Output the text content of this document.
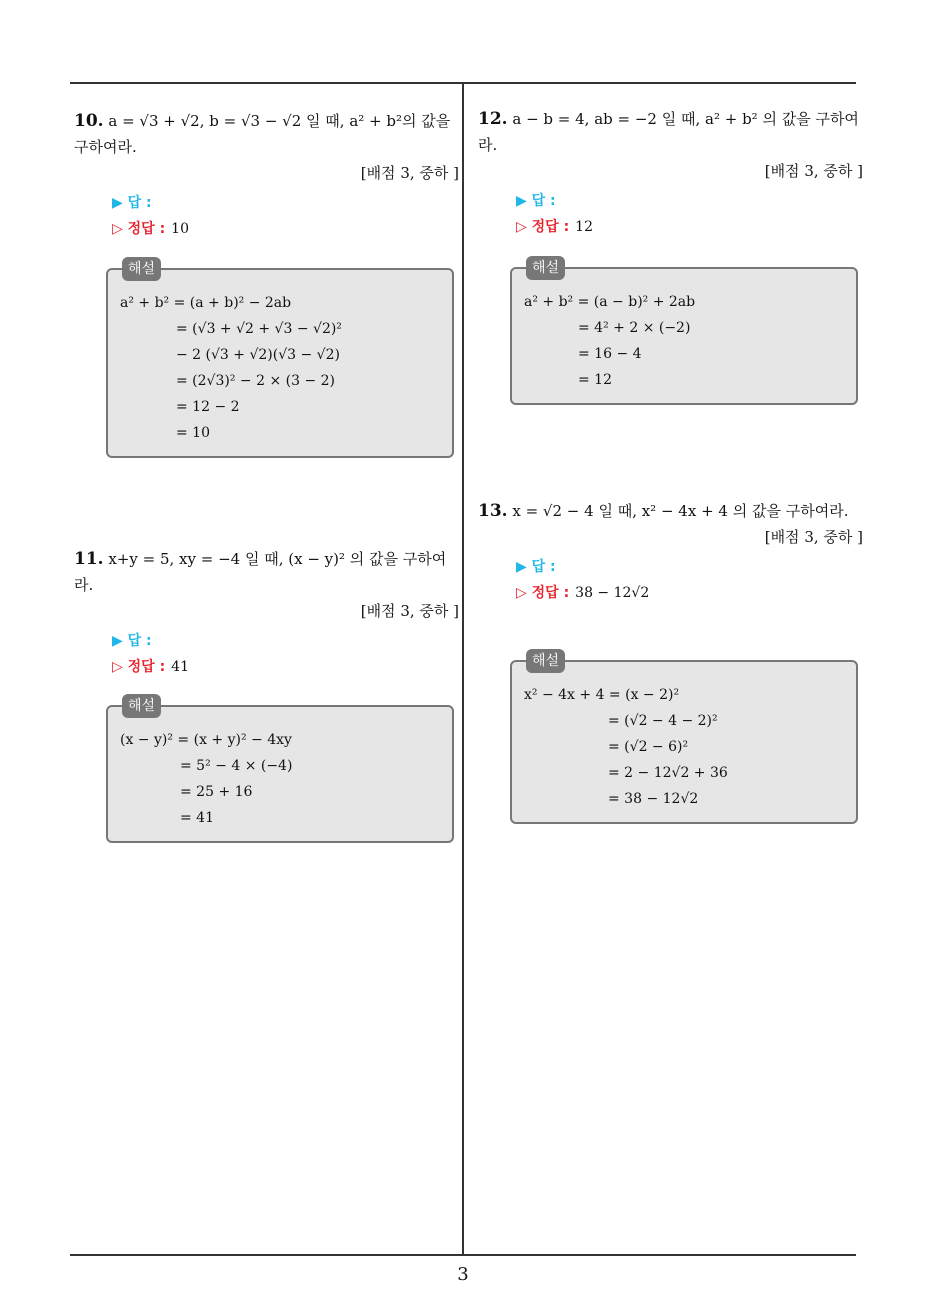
10. a = √3 + √2, b = √3 − √2 일 때, a² + b²의 값을 구하여라.
[배점 3, 중하 ]
▶ 답 :
▷ 정답 : 10
해설
a² + b² = (a + b)² − 2ab
= (√3 + √2 + √3 − √2)²
− 2 (√3 + √2)(√3 − √2)
= (2√3)² − 2 × (3 − 2)
= 12 − 2
= 10
11. x+y = 5, xy = −4 일 때, (x − y)² 의 값을 구하여라.
[배점 3, 중하 ]
▶ 답 :
▷ 정답 : 41
해설
(x − y)² = (x + y)² − 4xy
= 5² − 4 × (−4)
= 25 + 16
= 41
12. a − b = 4, ab = −2 일 때, a² + b² 의 값을 구하여라.
[배점 3, 중하 ]
▶ 답 :
▷ 정답 : 12
해설
a² + b² = (a − b)² + 2ab
= 4² + 2 × (−2)
= 16 − 4
= 12
13. x = √2 − 4 일 때, x² − 4x + 4 의 값을 구하여라.
[배점 3, 중하 ]
▶ 답 :
▷ 정답 : 38 − 12√2
해설
x² − 4x + 4 = (x − 2)²
= (√2 − 4 − 2)²
= (√2 − 6)²
= 2 − 12√2 + 36
= 38 − 12√2
3
